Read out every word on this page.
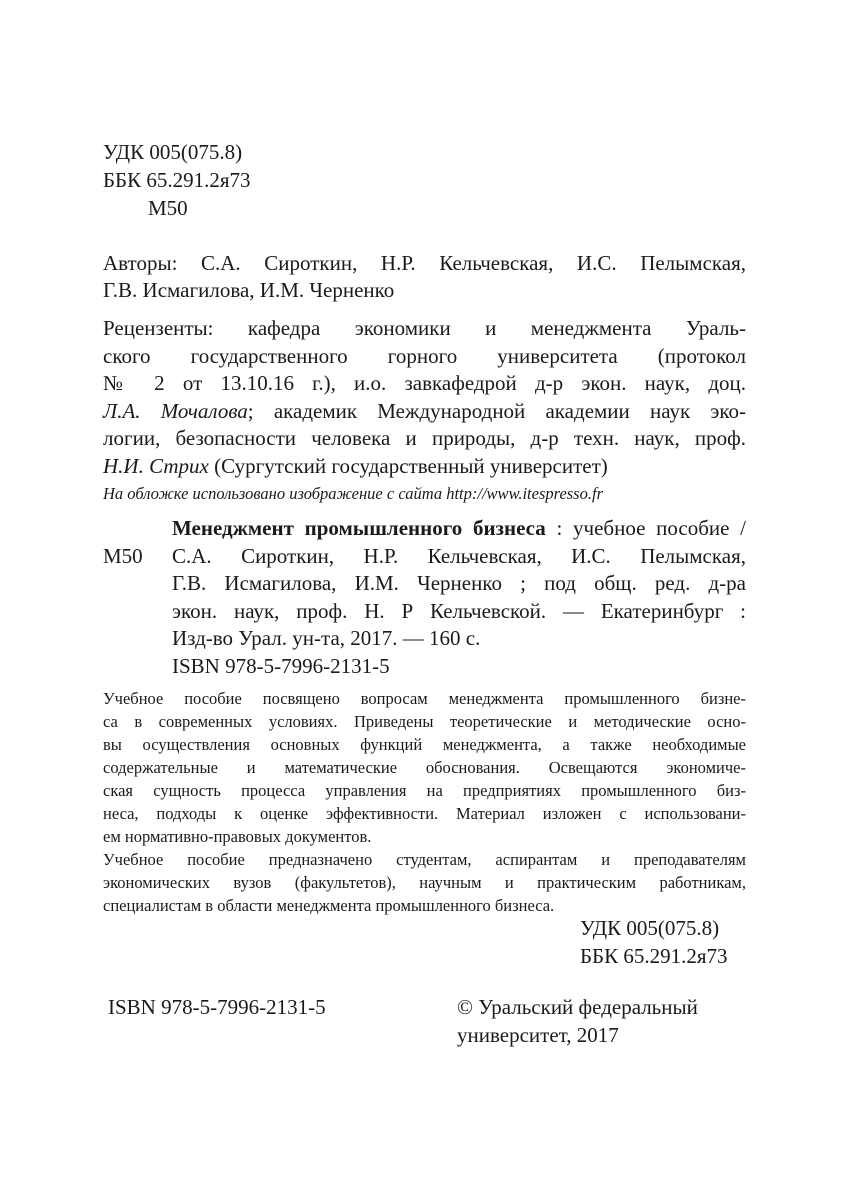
УДК 005(075.8)
ББК 65.291.2я73
М50
Авторы: С.А. Сироткин, Н.Р. Кельчевская, И.С. Пелымская,
Г.В. Исмагилова, И.М. Черненко
Рецензенты: кафедра экономики и менеджмента Ураль-
ского государственного горного университета (протокол
№ 2 от 13.10.16 г.), и.о. завкафедрой д-р экон. наук, доц.
Л.А. Мочалова; академик Международной академии наук эко-
логии, безопасности человека и природы, д-р техн. наук, проф.
Н.И. Стрих (Сургутский государственный университет)
На обложке использовано изображение с сайта http://www.itespresso.fr
М50
Менеджмент промышленного бизнеса : учебное пособие /
С.А. Сироткин, Н.Р. Кельчевская, И.С. Пелымская,
Г.В. Исмагилова, И.М. Черненко ; под общ. ред. д-ра
экон. наук, проф. Н. Р Кельчевской. — Екатеринбург :
Изд-во Урал. ун-та, 2017. — 160 с.
ISBN 978-5-7996-2131-5
Учебное пособие посвящено вопросам менеджмента промышленного бизне-
са в современных условиях. Приведены теоретические и методические осно-
вы осуществления основных функций менеджмента, а также необходимые
содержательные и математические обоснования. Освещаются экономиче-
ская сущность процесса управления на предприятиях промышленного биз-
неса, подходы к оценке эффективности. Материал изложен с использовани-
ем нормативно-правовых документов.
Учебное пособие предназначено студентам, аспирантам и преподавателям
экономических вузов (факультетов), научным и практическим работникам,
специалистам в области менеджмента промышленного бизнеса.
УДК 005(075.8)
ББК 65.291.2я73
ISBN 978-5-7996-2131-5	© Уральский федеральный
университет, 2017
